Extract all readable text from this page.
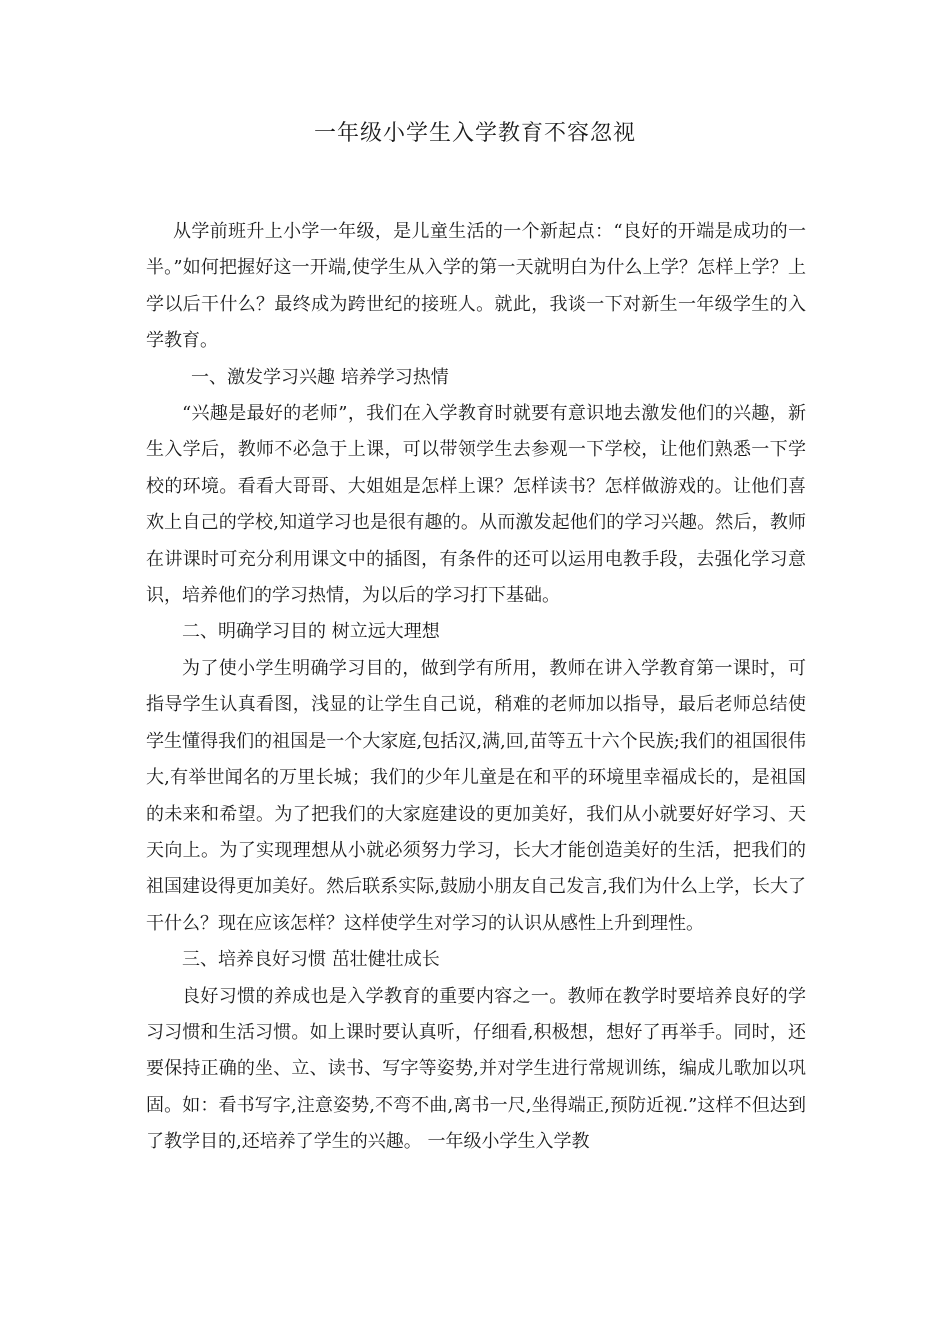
一年级小学生入学教育不容忽视

从学前班升上小学一年级，是儿童生活的一个新起点：“良好的开端是成功的一半。”如何把握好这一开端,使学生从入学的第一天就明白为什么上学？怎样上学？上学以后干什么？最终成为跨世纪的接班人。就此，我谈一下对新生一年级学生的入学教育。

一、激发学习兴趣 培养学习热情

“兴趣是最好的老师”，我们在入学教育时就要有意识地去激发他们的兴趣，新生入学后，教师不必急于上课，可以带领学生去参观一下学校，让他们熟悉一下学校的环境。看看大哥哥、大姐姐是怎样上课？怎样读书？怎样做游戏的。让他们喜欢上自己的学校,知道学习也是很有趣的。从而激发起他们的学习兴趣。然后，教师在讲课时可充分利用课文中的插图，有条件的还可以运用电教手段，去强化学习意识，培养他们的学习热情，为以后的学习打下基础。

二、明确学习目的 树立远大理想

为了使小学生明确学习目的，做到学有所用，教师在讲入学教育第一课时，可指导学生认真看图，浅显的让学生自己说，稍难的老师加以指导，最后老师总结使学生懂得我们的祖国是一个大家庭,包括汉,满,回,苗等五十六个民族;我们的祖国很伟大,有举世闻名的万里长城；我们的少年儿童是在和平的环境里幸福成长的，是祖国的未来和希望。为了把我们的大家庭建设的更加美好，我们从小就要好好学习、天天向上。为了实现理想从小就必须努力学习，长大才能创造美好的生活，把我们的祖国建设得更加美好。然后联系实际,鼓励小朋友自己发言,我们为什么上学，长大了干什么？现在应该怎样？这样使学生对学习的认识从感性上升到理性。

三、培养良好习惯 茁壮健壮成长

良好习惯的养成也是入学教育的重要内容之一。教师在教学时要培养良好的学习习惯和生活习惯。如上课时要认真听，仔细看,积极想，想好了再举手。同时，还要保持正确的坐、立、读书、写字等姿势,并对学生进行常规训练，编成儿歌加以巩固。如：看书写字,注意姿势,不弯不曲,离书一尺,坐得端正,预防近视.”这样不但达到了教学目的,还培养了学生的兴趣。 一年级小学生入学教
